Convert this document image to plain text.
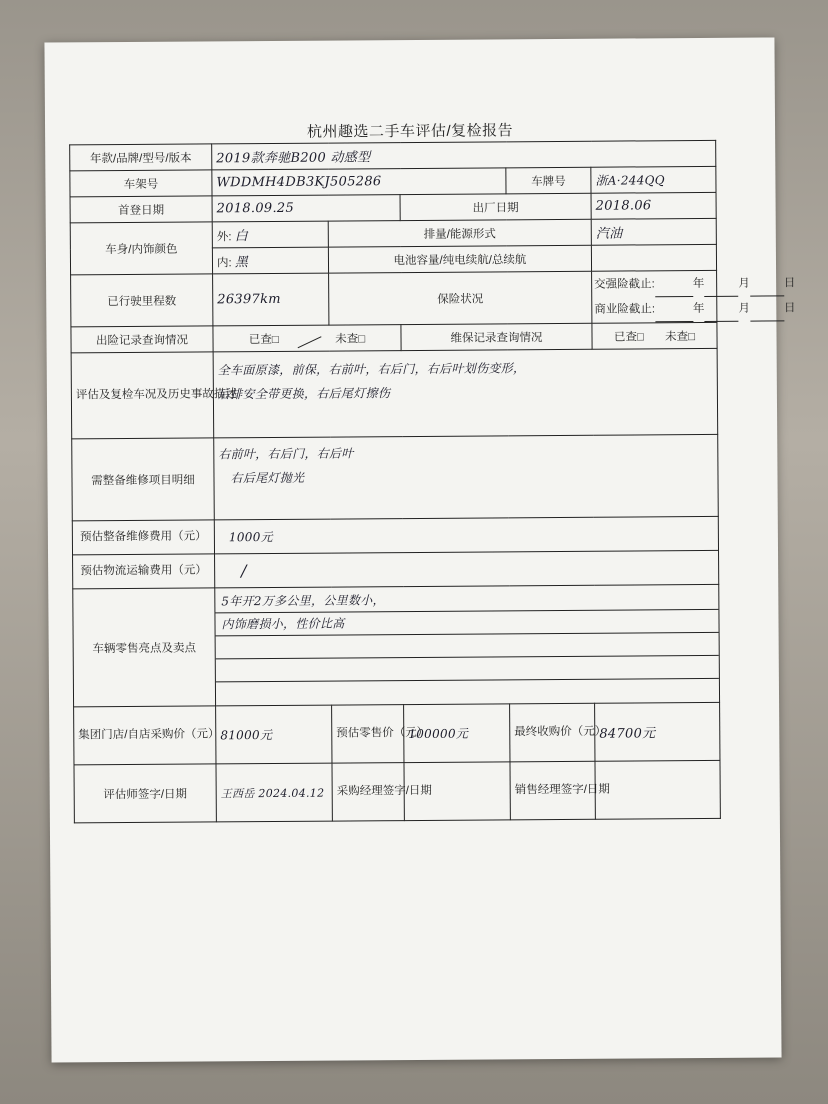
杭州趣选二手车评估/复检报告
年款/品牌/型号/版本	2019款奔驰B200 动感型				
车架号	WDDMH4DB3KJ505286			车牌号	浙A·244QQ
首登日期	2018.09.25		出厂日期		2018.06
车身/内饰颜色	外: 白	排量/能源形式			汽油
	内: 黑	电池容量/纯电续航/总续航			
已行驶里程数	26397km	保险状况			交强险截止: 年 月 日
商业险截止: 年 月 日

出险记录查询情况	已查□ 未查□		维保记录查询情况		已查□ 未查□
评估及复检车况及历史事故描述	全车面原漆，前保，右前叶，右后门，右后叶划伤变形，
后排安全带更换，右后尾灯擦伤				

需整备维修项目明细	右前叶，右后门，右后叶
右后尾灯抛光				

预估整备维修费用（元）	1000元				
预估物流运输费用（元）	/				
车辆零售亮点及卖点	5年开2万多公里，公里数小，
内饰磨损小，性价比高				

集团门店/自店采购价（元）	81000元	预估零售价（元）	100000元	最终收购价（元）	84700元
评估师签字/日期	王西岳 2024.04.12	采购经理签字/日期		销售经理签字/日期	
